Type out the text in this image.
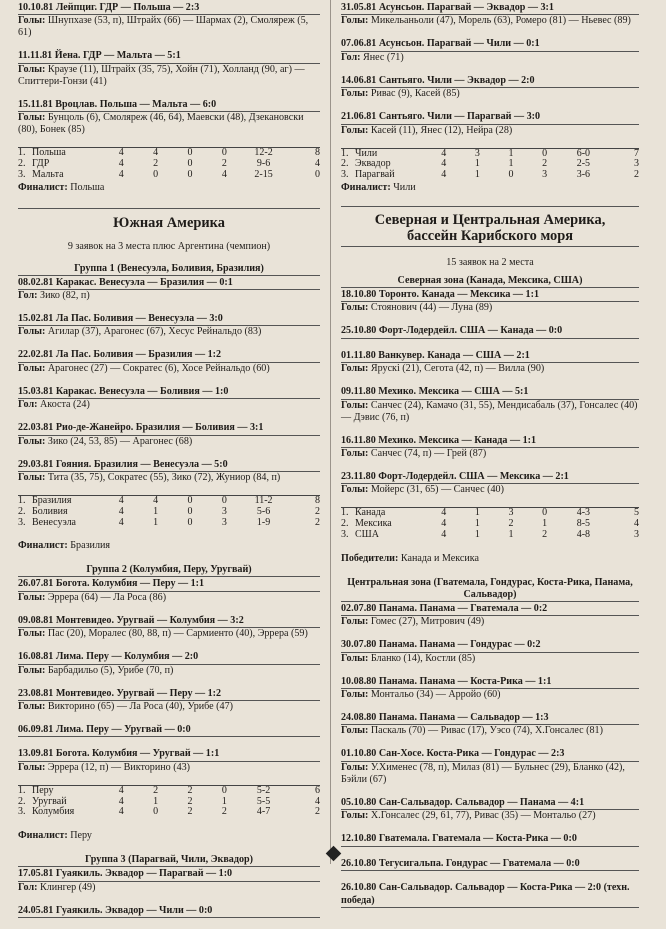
10.10.81 Лейпциг. ГДР — Польша — 2:3
Голы: Шнупхазе (53, п), Штрайх (66) — Шармах (2), Смоляреж (5, 61)
11.11.81 Йена. ГДР — Мальта — 5:1
Голы: Краузе (11), Штрайх (35, 75), Хойн (71), Холланд (90, аг) — Спиттери-Гонзи (41)
15.11.81 Вроцлав. Польша — Мальта — 6:0
Голы: Бунцоль (6), Смоляреж (46, 64), Маевски (48), Дзекановски (80), Бонек (85)
1.	Польша	4	4	0	0	12-2	8
2.	ГДР	4	2	0	2	9-6	4
3.	Мальта	4	0	0	4	2-15	0
Финалист: Польша
Южная Америка
9 заявок на 3 места плюс Аргентина (чемпион)
Группа 1 (Венесуэла, Боливия, Бразилия)
08.02.81 Каракас. Венесуэла — Бразилия — 0:1
Гол: Зико (82, п)
15.02.81 Ла Пас. Боливия — Венесуэла — 3:0
Голы: Агилар (37), Арагонес (67), Хесус Рейнальдо (83)
22.02.81 Ла Пас. Боливия — Бразилия — 1:2
Голы: Арагонес (27) — Сократес (6), Хосе Рейнальдо (60)
15.03.81 Каракас. Венесуэла — Боливия — 1:0
Гол: Акоста (24)
22.03.81 Рио-де-Жанейро. Бразилия — Боливия — 3:1
Голы: Зико (24, 53, 85) — Арагонес (68)
29.03.81 Гояния. Бразилия — Венесуэла — 5:0
Голы: Тита (35, 75), Сократес (55), Зико (72), Жуниор (84, п)
1.	Бразилия	4	4	0	0	11-2	8
2.	Боливия	4	1	0	3	5-6	2
3.	Венесуэла	4	1	0	3	1-9	2
Финалист: Бразилия
Группа 2 (Колумбия, Перу, Уругвай)
26.07.81 Богота. Колумбия — Перу — 1:1
Голы: Эррера (64) — Ла Роса (86)
09.08.81 Монтевидео. Уругвай — Колумбия — 3:2
Голы: Пас (20), Моралес (80, 88, п) — Сармиенто (40), Эррера (59)
16.08.81 Лима. Перу — Колумбия — 2:0
Голы: Барбадильо (5), Урибе (70, п)
23.08.81 Монтевидео. Уругвай — Перу — 1:2
Голы: Викторино (65) — Ла Роса (40), Урибе (47)
06.09.81 Лима. Перу — Уругвай — 0:0
13.09.81 Богота. Колумбия — Уругвай — 1:1
Голы: Эррера (12, п) — Викторино (43)
1.	Перу	4	2	2	0	5-2	6
2.	Уругвай	4	1	2	1	5-5	4
3.	Колумбия	4	0	2	2	4-7	2
Финалист: Перу
Группа 3 (Парагвай, Чили, Эквадор)
17.05.81 Гуаякиль. Эквадор — Парагвай — 1:0
Гол: Клингер (49)
24.05.81 Гуаякиль. Эквадор — Чили — 0:0
31.05.81 Асунсьон. Парагвай — Эквадор — 3:1
Голы: Микельаньоли (47), Морель (63), Ромеро (81) — Ньевес (89)
07.06.81 Асунсьон. Парагвай — Чили — 0:1
Гол: Янес (71)
14.06.81 Сантьяго. Чили — Эквадор — 2:0
Голы: Ривас (9), Касей (85)
21.06.81 Сантьяго. Чили — Парагвай — 3:0
Голы: Касей (11), Янес (12), Нейра (28)
1.	Чили	4	3	1	0	6-0	7
2.	Эквадор	4	1	1	2	2-5	3
3.	Парагвай	4	1	0	3	3-6	2
Финалист: Чили
Северная и Центральная Америка,
бассейн Карибского моря
15 заявок на 2 места
Северная зона (Канада, Мексика, США)
18.10.80 Торонто. Канада — Мексика — 1:1
Голы: Стоянович (44) — Луна (89)
25.10.80 Форт-Лодердейл. США — Канада — 0:0
01.11.80 Ванкувер. Канада — США — 2:1
Голы: Ярускi (21), Сегота (42, п) — Вилла (90)
09.11.80 Мехико. Мексика — США — 5:1
Голы: Санчес (24), Камачо (31, 55), Мендисабаль (37), Гонсалес (40) — Дэвис (76, п)
16.11.80 Мехико. Мексика — Канада — 1:1
Голы: Санчес (74, п) — Грей (87)
23.11.80 Форт-Лодердейл. США — Мексика — 2:1
Голы: Мойерс (31, 65) — Санчес (40)
1.	Канада	4	1	3	0	4-3	5
2.	Мексика	4	1	2	1	8-5	4
3.	США	4	1	1	2	4-8	3
Победители: Канада и Мексика
Центральная зона (Гватемала, Гондурас, Коста-Рика, Панама, Сальвадор)
02.07.80 Панама. Панама — Гватемала — 0:2
Голы: Гомес (27), Митрович (49)
30.07.80 Панама. Панама — Гондурас — 0:2
Голы: Бланко (14), Костли (85)
10.08.80 Панама. Панама — Коста-Рика — 1:1
Голы: Монтальо (34) — Арройо (60)
24.08.80 Панама. Панама — Сальвадор — 1:3
Голы: Паскаль (70) — Ривас (17), Уэсо (74), Х.Гонсалес (81)
01.10.80 Сан-Хосе. Коста-Рика — Гондурас — 2:3
Голы: У.Хименес (78, п), Милаз (81) — Бульнес (29), Бланко (42), Бэйли (67)
05.10.80 Сан-Сальвадор. Сальвадор — Панама — 4:1
Голы: Х.Гонсалес (29, 61, 77), Ривас (35) — Монтальо (27)
12.10.80 Гватемала. Гватемала — Коста-Рика — 0:0
26.10.80 Тегусигальпа. Гондурас — Гватемала — 0:0
26.10.80 Сан-Сальвадор. Сальвадор — Коста-Рика — 2:0 (техн. победа)
